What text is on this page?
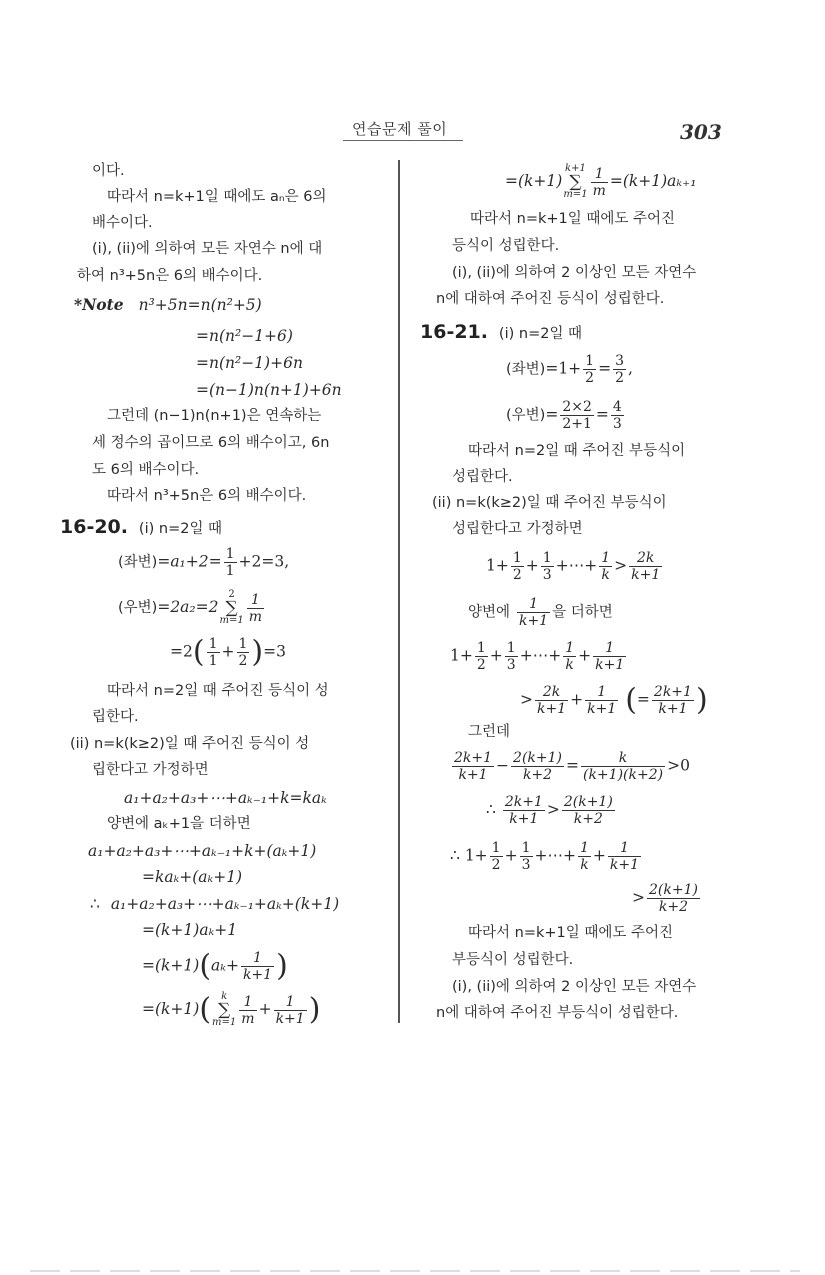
연습문제 풀이	303
이다.
따라서 n=k+1일 때에도 aₙ은 6의
배수이다.
(i), (ii)에 의하여 모든 자연수 n에 대
하여 n³+5n은 6의 배수이다.
*Note n³+5n=n(n²+5)
=n(n²−1+6)
=n(n²−1)+6n
=(n−1)n(n+1)+6n
그런데 (n−1)n(n+1)은 연속하는
세 정수의 곱이므로 6의 배수이고, 6n
도 6의 배수이다.
따라서 n³+5n은 6의 배수이다.
16-20. (i) n=2일 때
(좌변)$=a_1+2= \frac{1}{1} +2=3$,
(우변)=2a₂=22
∑
$m=1 \frac{1}{m}$
$=2( \frac{1}{1} + \frac{1}{2} )=3$
따라서 n=2일 때 주어진 등식이 성
립한다.
(ii) n=k(k≥2)일 때 주어진 등식이 성
립한다고 가정하면
a₁+a₂+a₃+⋯+aₖ₋₁+k=kaₖ
양변에 aₖ+1을 더하면
a₁+a₂+a₃+⋯+aₖ₋₁+k+(aₖ+1)
=kaₖ+(aₖ+1)
∴ a₁+a₂+a₃+⋯+aₖ₋₁+aₖ+(k+1)
=(k+1)aₖ+1
$=(k+1)(a_k+ \frac{1}{k+1}$ )
=(k+1)( k
∑
$m=1 \frac{1}{m} + \frac{1}{k+1}$ )
=(k+1)k+1
∑
$m=1 \frac{1}{m} =(k+1)a_{k+1}$
따라서 n=k+1일 때에도 주어진
등식이 성립한다.
(i), (ii)에 의하여 2 이상인 모든 자연수
n에 대하여 주어진 등식이 성립한다.
16-21. (i) n=2일 때
(좌변)$=1+ \frac{1}{2} = \frac{3}{2}$ ,
(우변)= $\frac{2\times 2}{2+1} = \frac{4}{3}$
따라서 n=2일 때 주어진 부등식이
성립한다.
(ii) n=k(k≥2)일 때 주어진 부등식이
성립한다고 가정하면
$1+ \frac{1}{2} + \frac{1}{3}$ +⋯+ $\frac{1}{k} > \frac{2k}{k+1}$
양변에 $\frac{1}{k+1}$ 을 더하면
$1+ \frac{1}{2} + \frac{1}{3}$ +⋯+ $\frac{1}{k} + \frac{1}{k+1}$
> $\frac{2k}{k+1} + \frac{1}{k+1}$ (= $\frac{2k+1}{k+1}$ )
그런데
$\frac{2k+1}{k+1} - \frac{2(k+1)}{k+2} = \frac{k}{(k+1)(k+2)} >0$
∴ $\frac{2k+1}{k+1} > \frac{2(k+1)}{k+2}$
∴ $1+ \frac{1}{2} + \frac{1}{3}$ +⋯+ $\frac{1}{k} + \frac{1}{k+1}$
> $\frac{2(k+1)}{k+2}$
따라서 n=k+1일 때에도 주어진
부등식이 성립한다.
(i), (ii)에 의하여 2 이상인 모든 자연수
n에 대하여 주어진 부등식이 성립한다.
